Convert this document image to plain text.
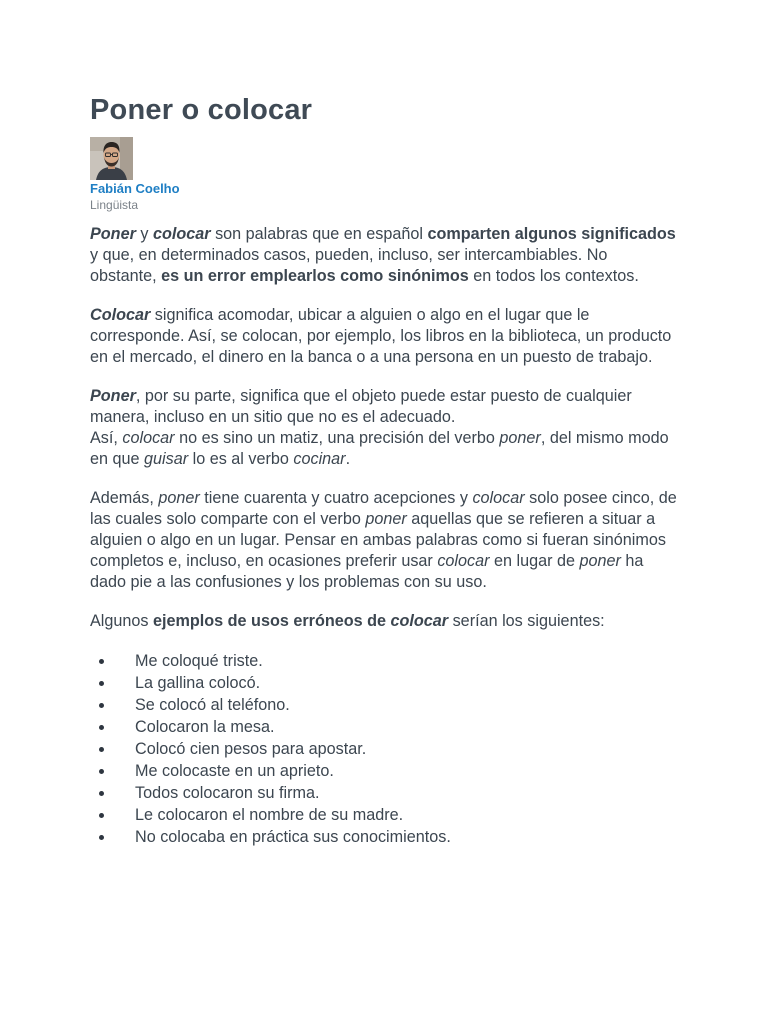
Poner o colocar
Fabián Coelho
Lingüista

Poner y colocar son palabras que en español comparten algunos significados y que, en determinados casos, pueden, incluso, ser intercambiables. No obstante, es un error emplearlos como sinónimos en todos los contextos.

Colocar significa acomodar, ubicar a alguien o algo en el lugar que le corresponde. Así, se colocan, por ejemplo, los libros en la biblioteca, un producto en el mercado, el dinero en la banca o a una persona en un puesto de trabajo.

Poner, por su parte, significa que el objeto puede estar puesto de cualquier manera, incluso en un sitio que no es el adecuado.
Así, colocar no es sino un matiz, una precisión del verbo poner, del mismo modo en que guisar lo es al verbo cocinar.

Además, poner tiene cuarenta y cuatro acepciones y colocar solo posee cinco, de las cuales solo comparte con el verbo poner aquellas que se refieren a situar a alguien o algo en un lugar. Pensar en ambas palabras como si fueran sinónimos completos e, incluso, en ocasiones preferir usar colocar en lugar de poner ha dado pie a las confusiones y los problemas con su uso.

Algunos ejemplos de usos erróneos de colocar serían los siguientes:

Me coloqué triste.
La gallina colocó.
Se colocó al teléfono.
Colocaron la mesa.
Colocó cien pesos para apostar.
Me colocaste en un aprieto.
Todos colocaron su firma.
Le colocaron el nombre de su madre.
No colocaba en práctica sus conocimientos.
